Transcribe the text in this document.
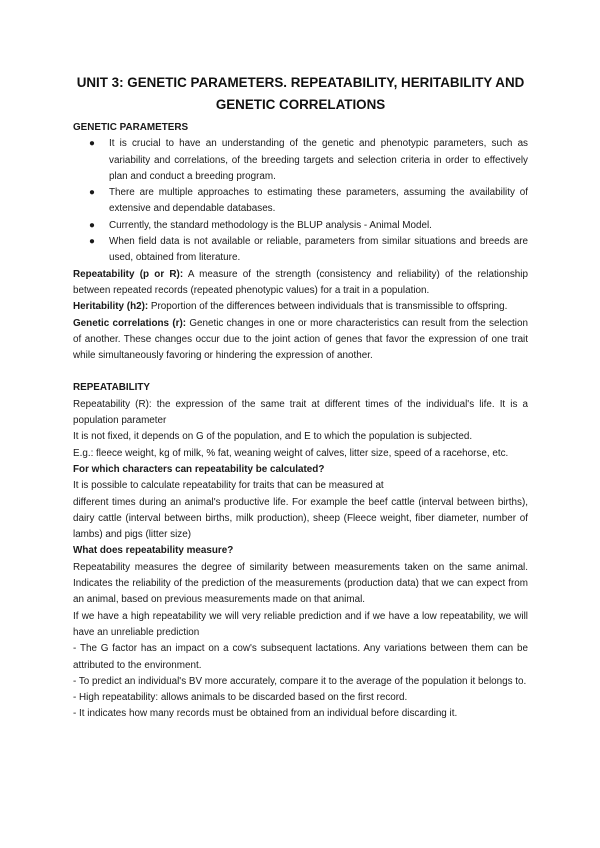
UNIT 3: GENETIC PARAMETERS. REPEATABILITY, HERITABILITY AND GENETIC CORRELATIONS
GENETIC PARAMETERS
● It is crucial to have an understanding of the genetic and phenotypic parameters, such as variability and correlations, of the breeding targets and selection criteria in order to effectively plan and conduct a breeding program.
● There are multiple approaches to estimating these parameters, assuming the availability of extensive and dependable databases.
● Currently, the standard methodology is the BLUP analysis - Animal Model.
● When field data is not available or reliable, parameters from similar situations and breeds are used, obtained from literature.

Repeatability (p or R): A measure of the strength (consistency and reliability) of the relationship between repeated records (repeated phenotypic values) for a trait in a population.

Heritability (h2): Proportion of the differences between individuals that is transmissible to offspring.

Genetic correlations (r): Genetic changes in one or more characteristics can result from the selection of another. These changes occur due to the joint action of genes that favor the expression of one trait while simultaneously favoring or hindering the expression of another.

REPEATABILITY

Repeatability (R): the expression of the same trait at different times of the individual's life. It is a population parameter

It is not fixed, it depends on G of the population, and E to which the population is subjected.

E.g.: fleece weight, kg of milk, % fat, weaning weight of calves, litter size, speed of a racehorse, etc.

For which characters can repeatability be calculated?

It is possible to calculate repeatability for traits that can be measured at

different times during an animal's productive life. For example the beef cattle (interval between births), dairy cattle (interval between births, milk production), sheep (Fleece weight, fiber diameter, number of lambs) and pigs (litter size)

What does repeatability measure?

Repeatability measures the degree of similarity between measurements taken on the same animal. Indicates the reliability of the prediction of the measurements (production data) that we can expect from an animal, based on previous measurements made on that animal.

If we have a high repeatability we will very reliable prediction and if we have a low repeatability, we will have an unreliable prediction

- The G factor has an impact on a cow's subsequent lactations. Any variations between them can be attributed to the environment.

- To predict an individual's BV more accurately, compare it to the average of the population it belongs to.

- High repeatability: allows animals to be discarded based on the first record.

- It indicates how many records must be obtained from an individual before discarding it.
